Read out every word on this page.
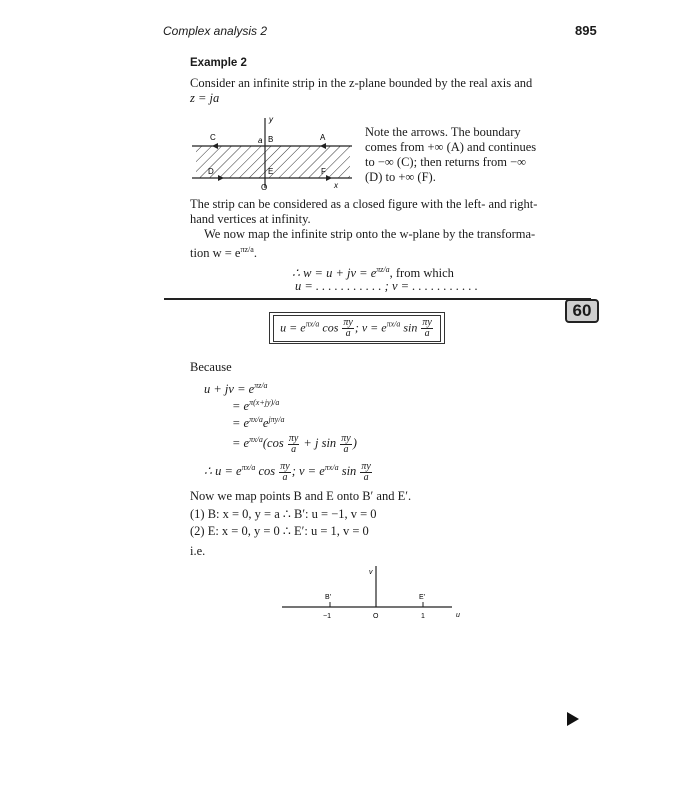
Complex analysis 2	895
Example 2
Consider an infinite strip in the z-plane bounded by the real axis and
z = ja
y
a B	A
C
D	E	F
O	x
Note the arrows. The boundary
comes from +∞ (A) and continues
to −∞ (C); then returns from −∞
(D) to +∞ (F).
The strip can be considered as a closed figure with the left- and right-
hand vertices at infinity.
We now map the infinite strip onto the w-plane by the transforma-
tion $w = e^{\pi z/a}$.
∴ w = u + jv = $e^{\pi z/a}$, from which
u = . . . . . . . . . . . ; v = . . . . . . . . . . .
60
$u = e^{\pi x/a}$ $\cos \frac{\pi y}{a}$ ; $v = e^{\pi x/a}$ $\sin \frac{\pi y}{a}$
Because
u + jv = $e^{\pi z/a}$
= $e^{\pi(x+jy)/a}$
= $e^{\pi x/a}e^{j\pi y/a}$
= $e^{\pi x/a}(\cos \frac{\pi y}{a} + j$ $\sin \frac{\pi y}{a}$ )
∴ $u = e^{\pi x/a}$ $\cos \frac{\pi y}{a}$ ; $v = e^{\pi x/a}$ $\sin \frac{\pi y}{a}$
Now we map points B and E onto B′ and E′.
(1) B: x = 0, y = a ∴ B′: u = −1, v = 0
(2) E: x = 0, y = 0 ∴ E′: u = 1, v = 0
i.e.
v
B′	E′
−1	O	1	u
